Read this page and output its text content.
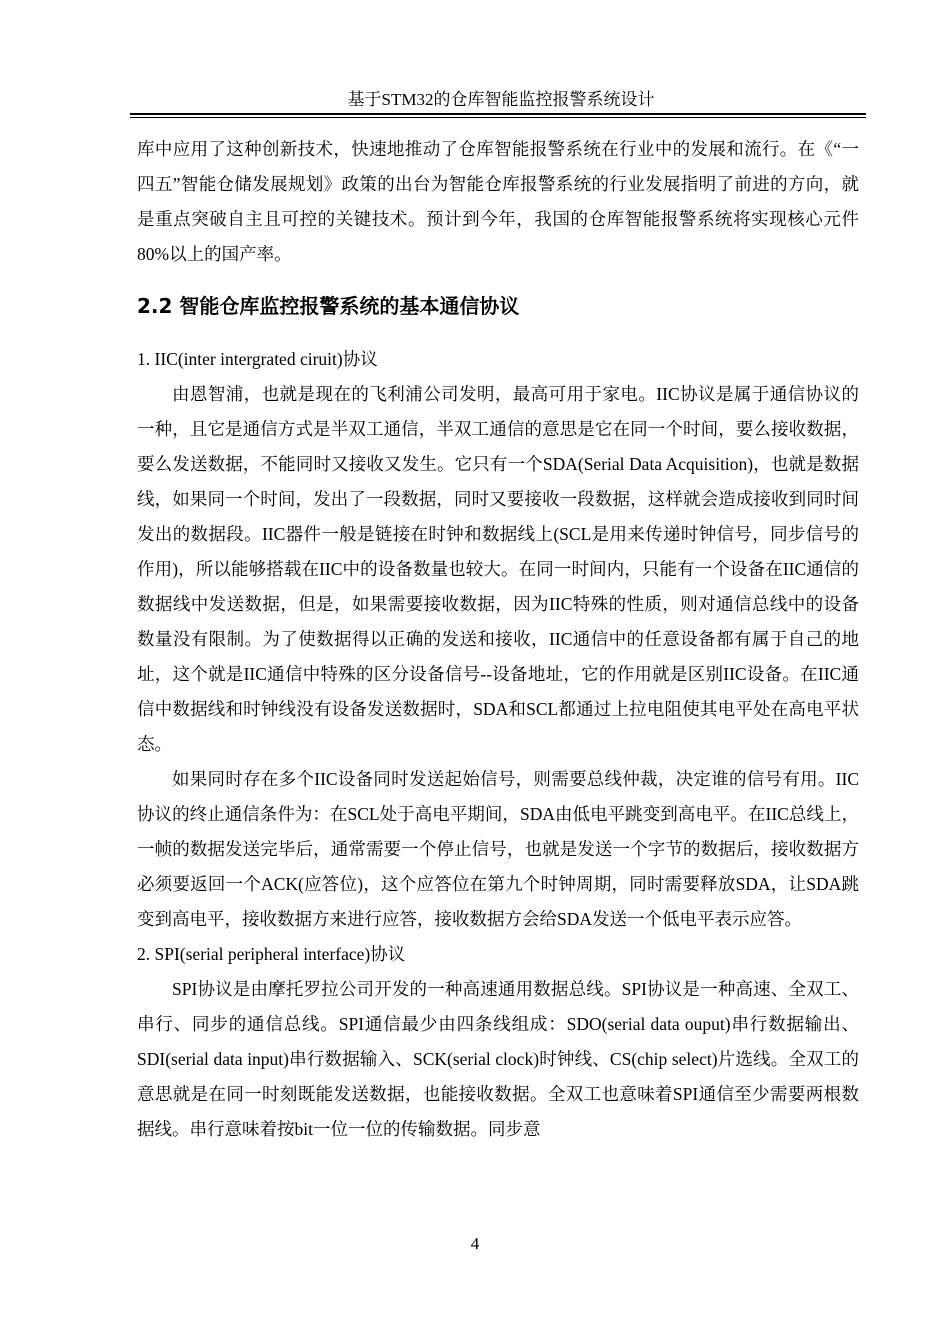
基于STM32的仓库智能监控报警系统设计

库中应用了这种创新技术，快速地推动了仓库智能报警系统在行业中的发展和流行。在《“一四五”智能仓储发展规划》政策的出台为智能仓库报警系统的行业发展指明了前进的方向，就是重点突破自主且可控的关键技术。预计到今年，我国的仓库智能报警系统将实现核心元件80%以上的国产率。

2.2 智能仓库监控报警系统的基本通信协议

1. IIC(inter intergrated ciruit)协议

由恩智浦，也就是现在的飞利浦公司发明，最高可用于家电。IIC协议是属于通信协议的一种，且它是通信方式是半双工通信，半双工通信的意思是它在同一个时间，要么接收数据，要么发送数据，不能同时又接收又发生。它只有一个SDA(Serial Data Acquisition)，也就是数据线，如果同一个时间，发出了一段数据，同时又要接收一段数据，这样就会造成接收到同时间发出的数据段。IIC器件一般是链接在时钟和数据线上(SCL是用来传递时钟信号，同步信号的作用)，所以能够搭载在IIC中的设备数量也较大。在同一时间内，只能有一个设备在IIC通信的数据线中发送数据，但是，如果需要接收数据，因为IIC特殊的性质，则对通信总线中的设备数量没有限制。为了使数据得以正确的发送和接收，IIC通信中的任意设备都有属于自己的地址，这个就是IIC通信中特殊的区分设备信号--设备地址，它的作用就是区别IIC设备。在IIC通信中数据线和时钟线没有设备发送数据时，SDA和SCL都通过上拉电阻使其电平处在高电平状态。

如果同时存在多个IIC设备同时发送起始信号，则需要总线仲裁，决定谁的信号有用。IIC协议的终止通信条件为：在SCL处于高电平期间，SDA由低电平跳变到高电平。在IIC总线上，一帧的数据发送完毕后，通常需要一个停止信号，也就是发送一个字节的数据后，接收数据方必须要返回一个ACK(应答位)，这个应答位在第九个时钟周期，同时需要释放SDA，让SDA跳变到高电平，接收数据方来进行应答，接收数据方会给SDA发送一个低电平表示应答。

2. SPI(serial peripheral interface)协议

SPI协议是由摩托罗拉公司开发的一种高速通用数据总线。SPI协议是一种高速、全双工、串行、同步的通信总线。SPI通信最少由四条线组成：SDO(serial data ouput)串行数据输出、SDI(serial data input)串行数据输入、SCK(serial clock)时钟线、CS(chip select)片选线。全双工的意思就是在同一时刻既能发送数据，也能接收数据。全双工也意味着SPI通信至少需要两根数据线。串行意味着按bit一位一位的传输数据。同步意

4
